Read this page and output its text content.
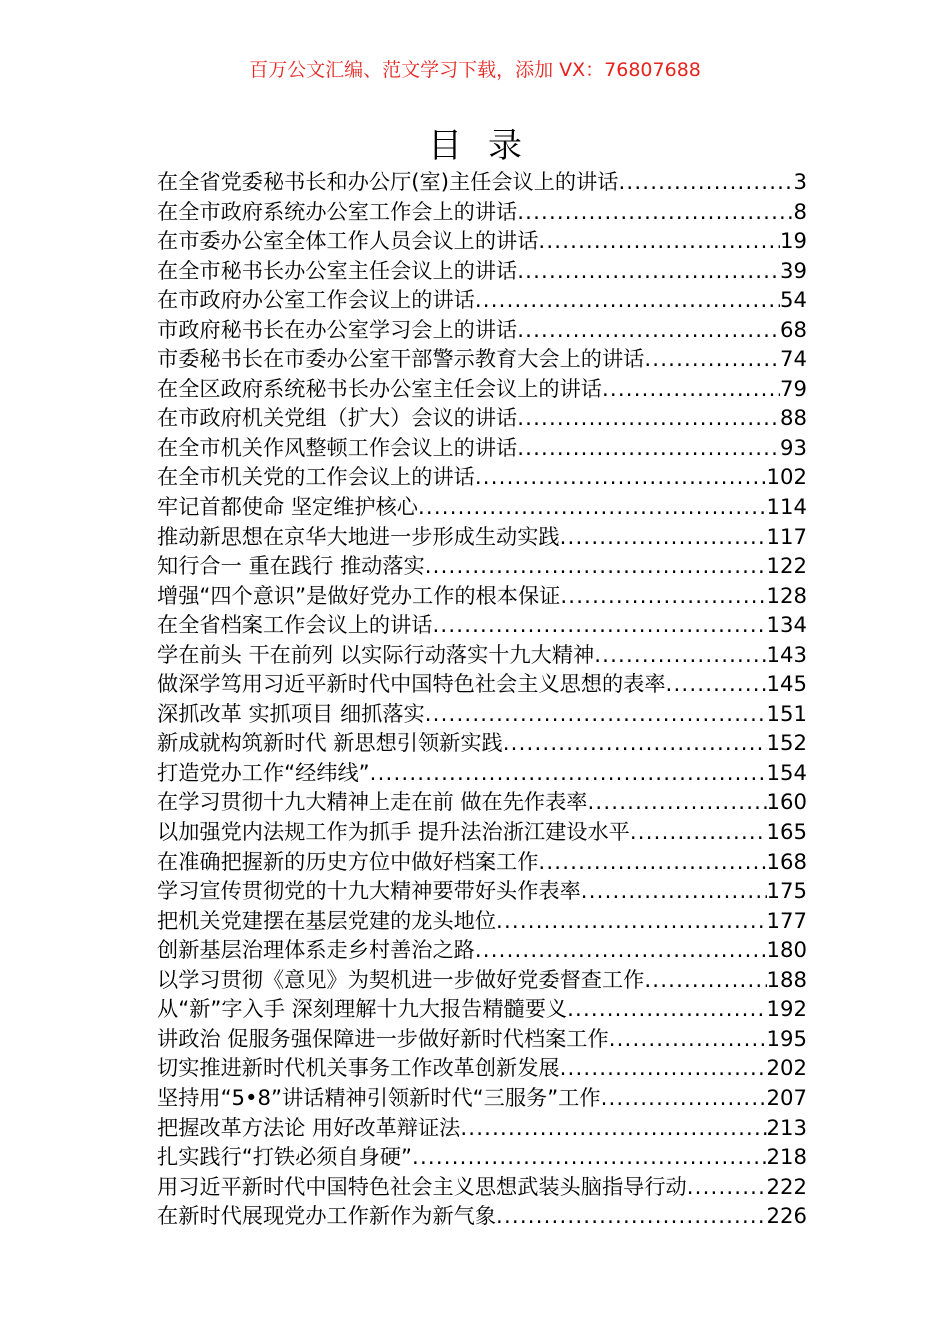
百万公文汇编、范文学习下载，添加 VX：76807688
目录
在全省党委秘书长和办公厅(室)主任会议上的讲话 .....	3
在全市政府系统办公室工作会上的讲话 .....	8
在市委办公室全体工作人员会议上的讲话 .....	19
在全市秘书长办公室主任会议上的讲话 .....	39
在市政府办公室工作会议上的讲话 .....	54
市政府秘书长在办公室学习会上的讲话 .....	68
市委秘书长在市委办公室干部警示教育大会上的讲话 .....	74
在全区政府系统秘书长办公室主任会议上的讲话 .....	79
在市政府机关党组（扩大）会议的讲话 .....	88
在全市机关作风整顿工作会议上的讲话 .....	93
在全市机关党的工作会议上的讲话 .....	102
牢记首都使命 坚定维护核心 .....	114
推动新思想在京华大地进一步形成生动实践 .....	117
知行合一 重在践行 推动落实 .....	122
增强“四个意识”是做好党办工作的根本保证 .....	128
在全省档案工作会议上的讲话 .....	134
学在前头 干在前列 以实际行动落实十九大精神 .....	143
做深学笃用习近平新时代中国特色社会主义思想的表率 .....	145
深抓改革 实抓项目 细抓落实 .....	151
新成就构筑新时代 新思想引领新实践 .....	152
打造党办工作“经纬线” .....	154
在学习贯彻十九大精神上走在前 做在先作表率 .....	160
以加强党内法规工作为抓手 提升法治浙江建设水平 .....	165
在准确把握新的历史方位中做好档案工作 .....	168
学习宣传贯彻党的十九大精神要带好头作表率 .....	175
把机关党建摆在基层党建的龙头地位 .....	177
创新基层治理体系走乡村善治之路 .....	180
以学习贯彻《意见》为契机进一步做好党委督查工作 .....	188
从“新”字入手 深刻理解十九大报告精髓要义 .....	192
讲政治 促服务强保障进一步做好新时代档案工作 .....	195
切实推进新时代机关事务工作改革创新发展 .....	202
坚持用“5•8”讲话精神引领新时代“三服务”工作 .....	207
把握改革方法论 用好改革辩证法 .....	213
扎实践行“打铁必须自身硬” .....	218
用习近平新时代中国特色社会主义思想武装头脑指导行动 .....	222
在新时代展现党办工作新作为新气象 .....	226
